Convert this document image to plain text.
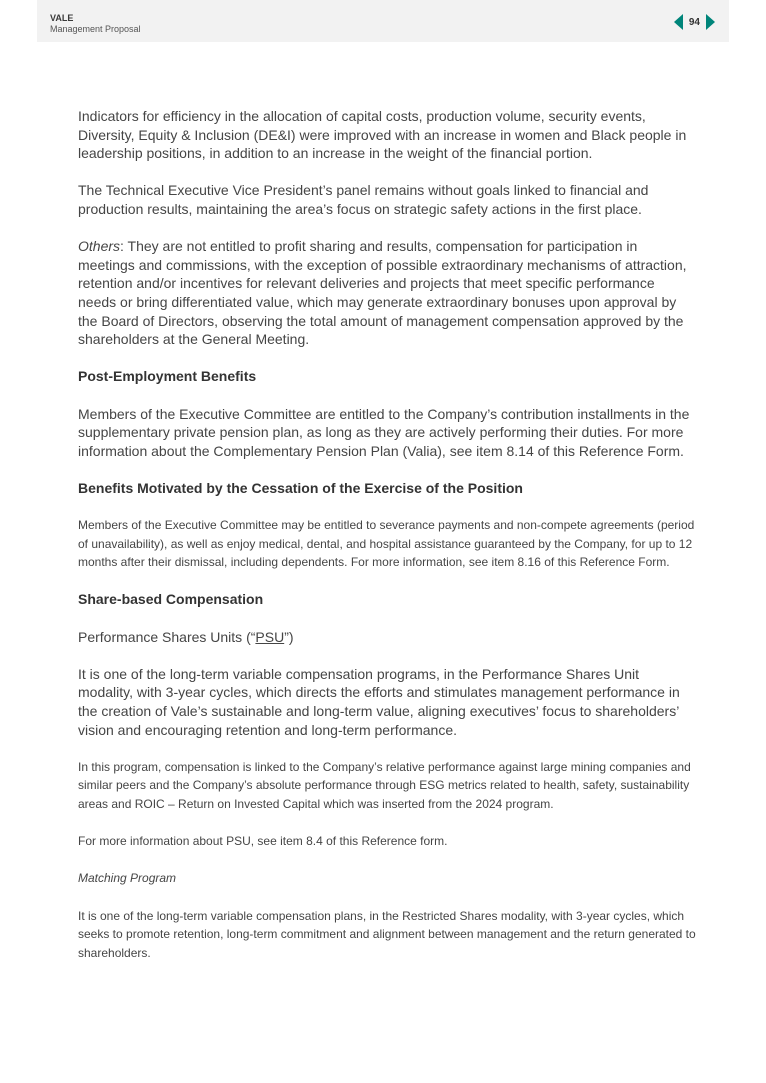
VALE
Management Proposal
94

Indicators for efficiency in the allocation of capital costs, production volume, security events, Diversity, Equity & Inclusion (DE&I) were improved with an increase in women and Black people in leadership positions, in addition to an increase in the weight of the financial portion.

The Technical Executive Vice President’s panel remains without goals linked to financial and production results, maintaining the area’s focus on strategic safety actions in the first place.

Others: They are not entitled to profit sharing and results, compensation for participation in meetings and commissions, with the exception of possible extraordinary mechanisms of attraction, retention and/or incentives for relevant deliveries and projects that meet specific performance needs or bring differentiated value, which may generate extraordinary bonuses upon approval by the Board of Directors, observing the total amount of management compensation approved by the shareholders at the General Meeting.

Post-Employment Benefits

Members of the Executive Committee are entitled to the Company’s contribution installments in the supplementary private pension plan, as long as they are actively performing their duties. For more information about the Complementary Pension Plan (Valia), see item 8.14 of this Reference Form.

Benefits Motivated by the Cessation of the Exercise of the Position

Members of the Executive Committee may be entitled to severance payments and non-compete agreements (period of unavailability), as well as enjoy medical, dental, and hospital assistance guaranteed by the Company, for up to 12 months after their dismissal, including dependents. For more information, see item 8.16 of this Reference Form.

Share-based Compensation

Performance Shares Units (“PSU”)

It is one of the long-term variable compensation programs, in the Performance Shares Unit modality, with 3-year cycles, which directs the efforts and stimulates management performance in the creation of Vale’s sustainable and long-term value, aligning executives’ focus to shareholders’ vision and encouraging retention and long-term performance.

In this program, compensation is linked to the Company’s relative performance against large mining companies and similar peers and the Company’s absolute performance through ESG metrics related to health, safety, sustainability areas and ROIC – Return on Invested Capital which was inserted from the 2024 program.

For more information about PSU, see item 8.4 of this Reference form.

Matching Program

It is one of the long-term variable compensation plans, in the Restricted Shares modality, with 3-year cycles, which seeks to promote retention, long-term commitment and alignment between management and the return generated to shareholders.
